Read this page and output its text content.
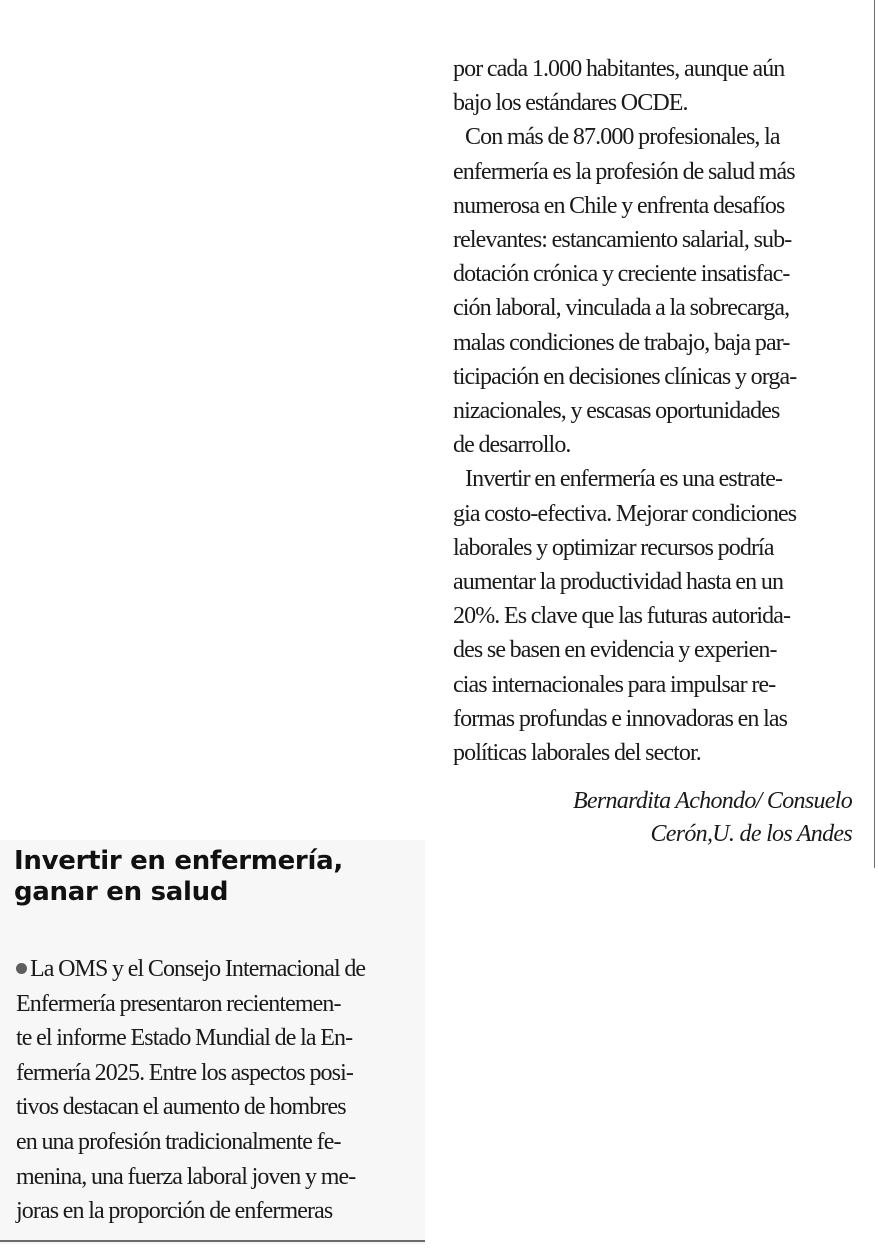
por cada 1.000 habitantes, aunque aún
bajo los estándares OCDE.
Con más de 87.000 profesionales, la
enfermería es la profesión de salud más
numerosa en Chile y enfrenta desafíos
relevantes: estancamiento salarial, sub-
dotación crónica y creciente insatisfac-
ción laboral, vinculada a la sobrecarga,
malas condiciones de trabajo, baja par-
ticipación en decisiones clínicas y orga-
nizacionales, y escasas oportunidades
de desarrollo.
Invertir en enfermería es una estrate-
gia costo-efectiva. Mejorar condiciones
laborales y optimizar recursos podría
aumentar la productividad hasta en un
20%. Es clave que las futuras autorida-
des se basen en evidencia y experien-
cias internacionales para impulsar re-
formas profundas e innovadoras en las
políticas laborales del sector.
Bernardita Achondo/ Consuelo
Cerón,U. de los Andes
Invertir en enfermería,
ganar en salud
La OMS y el Consejo Internacional de
Enfermería presentaron recientemen-
te el informe Estado Mundial de la En-
fermería 2025. Entre los aspectos posi-
tivos destacan el aumento de hombres
en una profesión tradicionalmente fe-
menina, una fuerza laboral joven y me-
joras en la proporción de enfermeras
